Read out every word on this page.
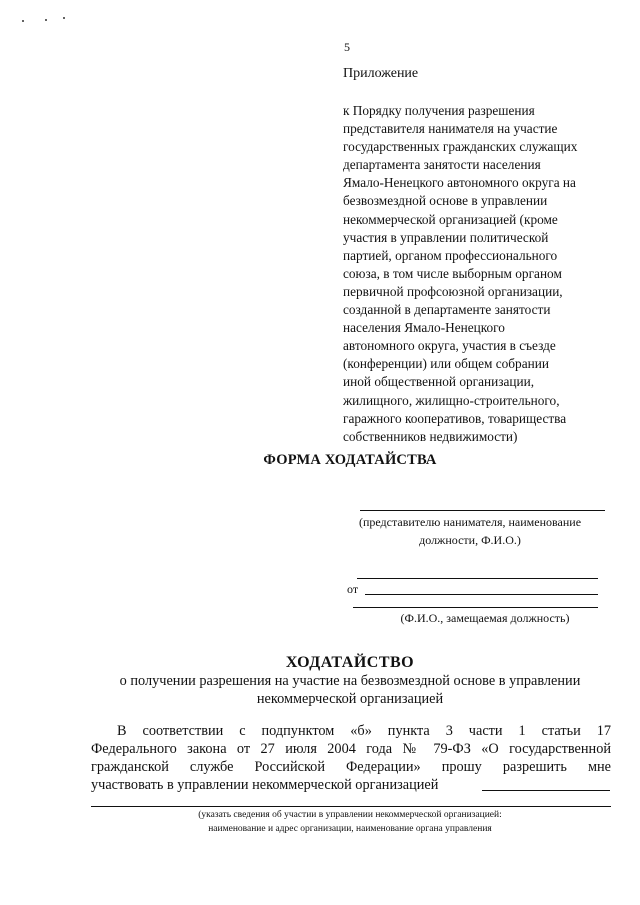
5
Приложение
к Порядку получения разрешения
представителя нанимателя на участие
государственных гражданских служащих
департамента занятости населения
Ямало-Ненецкого автономного округа на
безвозмездной основе в управлении
некоммерческой организацией (кроме
участия в управлении политической
партией, органом профессионального
союза, в том числе выборным органом
первичной профсоюзной организации,
созданной в департаменте занятости
населения Ямало-Ненецкого
автономного округа, участия в съезде
(конференции) или общем собрании
иной общественной организации,
жилищного, жилищно-строительного,
гаражного кооперативов, товарищества
собственников недвижимости)
ФОРМА ХОДАТАЙСТВА
(представителю нанимателя, наименование
должности, Ф.И.О.)
от
(Ф.И.О., замещаемая должность)
ХОДАТАЙСТВО
о получении разрешения на участие на безвозмездной основе в управлении некоммерческой организацией
В соответствии с подпунктом «б» пункта 3 части 1 статьи 17
Федерального закона от 27 июля 2004 года № 79-ФЗ «О государственной
гражданской службе Российской Федерации» прошу разрешить мне
участвовать в управлении некоммерческой организацией
(указать сведения об участии в управлении некоммерческой организацией:
наименование и адрес организации, наименование органа управления
